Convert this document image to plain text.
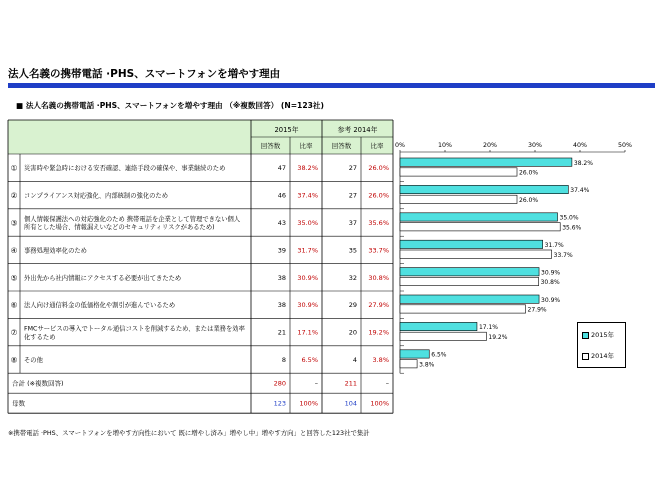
法人名義の携帯電話 ·PHS、スマートフォンを増やす理由
■ 法人名義の携帯電話 ·PHS、スマートフォンを増やす理由 （※複数回答） (N=123社)
2015年	参考 2014年
回答数	比率	回答数	比率
① 災害時や緊急時における安否確認、連絡手段の確保や、事業継続のため	47 38.2%	27 26.0%
② コンプライアンス対応強化、内部統制の強化のため	46 37.4%	27 26.0%
③ 個人情報保護法への対応強化のため 携帯電話を企業として管理できない個人
所有とした場合、情報漏えいなどのセキュリティリスクがあるため)
43 35.0%	37 35.6%
④ 事務処理効率化のため	39 31.7%	35 33.7%
⑤ 外出先から社内情報にアクセスする必要が出てきたため	38 30.9%	32 30.8%
⑥ 法人向け通信料金の低価格化や割引が進んでいるため	38 30.9%	29 27.9%
⑦ FMCサービスの導入でトータル通信コストを削減するため、または業務を効率
化するため
21 17.1%	20 19.2%
⑧ その他	8 6.5%	4 3.8%
合計 (※複数回答)	280	–	211	–
母数	123 100%	104 100%
0%	10%	20%	30%	40%	50%
38.2%
26.0%
37.4%
26.0%
35.0%
35.6%
31.7%
33.7%
30.9%
30.8%
30.9%
27.9%
17.1%
19.2%
6.5%
3.8%
2015年
2014年
※携帯電話 ·PHS、スマートフォンを増やす方向性において 既に増やし済み」増やし中」増やす方向」と回答した123社で集計
